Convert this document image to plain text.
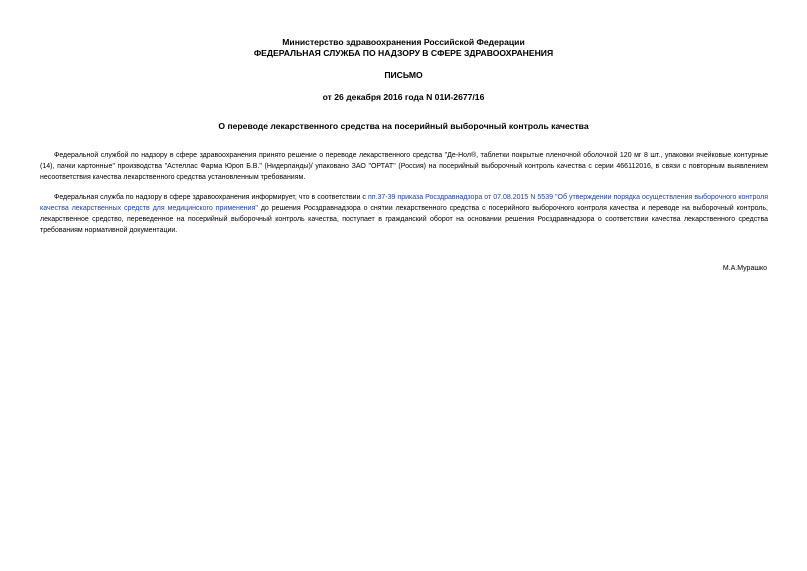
Министерство здравоохранения Российской Федерации
ФЕДЕРАЛЬНАЯ СЛУЖБА ПО НАДЗОРУ В СФЕРЕ ЗДРАВООХРАНЕНИЯ
ПИСЬМО
от 26 декабря 2016 года N 01И-2677/16
О переводе лекарственного средства на посерийный выборочный контроль качества
Федеральной службой по надзору в сфере здравоохранения принято решение о переводе лекарственного средства "Де-Нол®, таблетки покрытые пленочной оболочкой 120 мг 8 шт., упаковки ячейковые контурные (14), пачки картонные" производства "Астеллас Фарма Юроп Б.В." (Нидерланды)/ упаковано ЗАО "ОРТАТ" (Россия) на посерийный выборочный контроль качества с серии 466112016, в связи с повторным выявлением несоответствия качества лекарственного средства установленным требованиям.
Федеральная служба по надзору в сфере здравоохранения информирует, что в соответствии с пп.37-39 приказа Росздравнадзора от 07.08.2015 N 5539 "Об утверждении порядка осуществления выборочного контроля качества лекарственных средств для медицинского применения" до решения Росздравнадзора о снятии лекарственного средства с посерийного выборочного контроля качества и переводе на выборочный контроль, лекарственное средство, переведенное на посерийный выборочный контроль качества, поступает в гражданский оборот на основании решения Росздравнадзора о соответствии качества лекарственного средства требованиям нормативной документации.
М.А.Мурашко
